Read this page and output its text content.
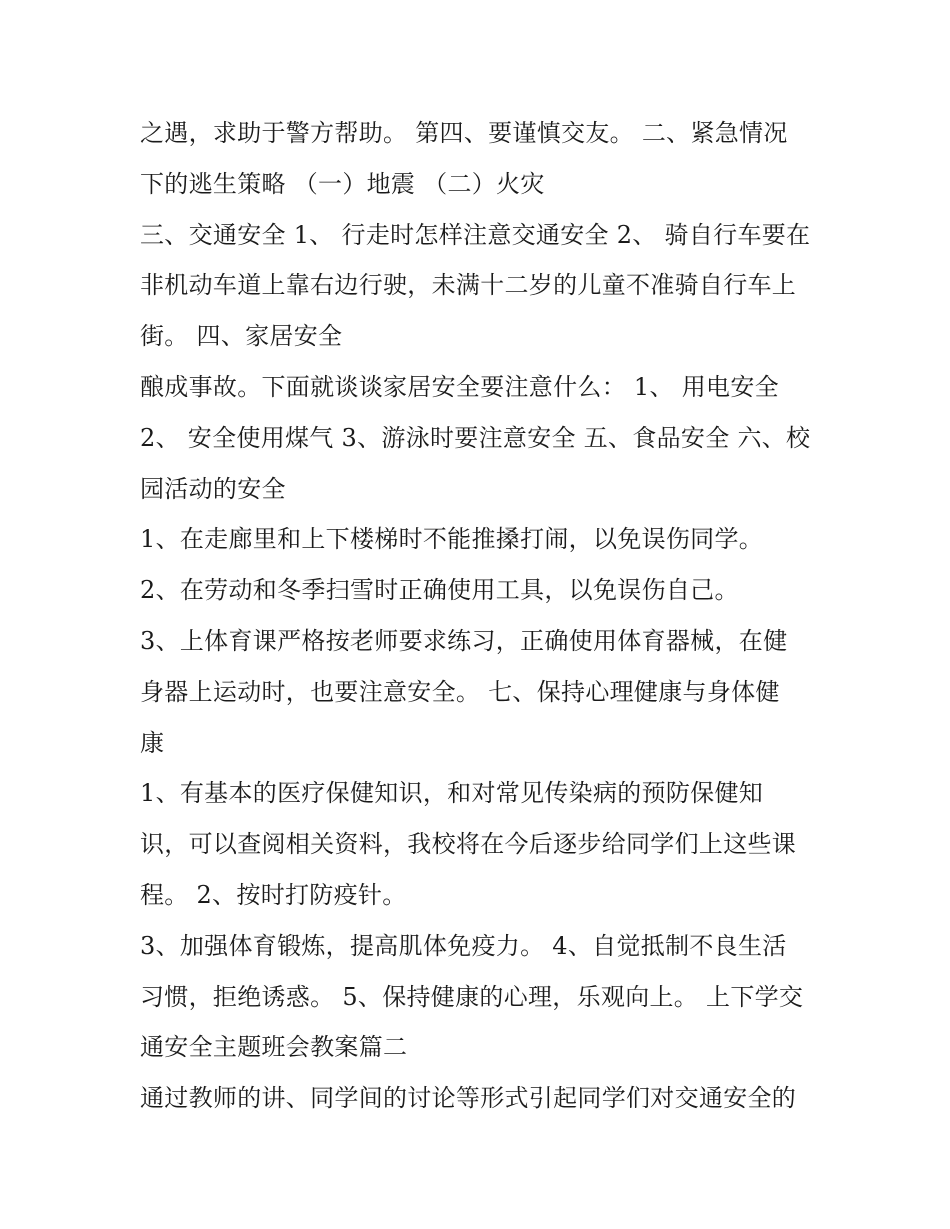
之遇，求助于警方帮助。 第四、要谨慎交友。 二、紧急情况
下的逃生策略 （一）地震 （二）火灾
三、交通安全 1、 行走时怎样注意交通安全 2、 骑自行车要在
非机动车道上靠右边行驶，未满十二岁的儿童不准骑自行车上
街。 四、家居安全
酿成事故。下面就谈谈家居安全要注意什么： 1、 用电安全
2、 安全使用煤气 3、游泳时要注意安全 五、食品安全 六、校
园活动的安全
1、在走廊里和上下楼梯时不能推搡打闹，以免误伤同学。
2、在劳动和冬季扫雪时正确使用工具，以免误伤自己。
3、上体育课严格按老师要求练习，正确使用体育器械，在健
身器上运动时，也要注意安全。 七、保持心理健康与身体健
康
1、有基本的医疗保健知识，和对常见传染病的预防保健知
识，可以查阅相关资料，我校将在今后逐步给同学们上这些课
程。 2、按时打防疫针。
3、加强体育锻炼，提高肌体免疫力。 4、自觉抵制不良生活
习惯，拒绝诱惑。 5、保持健康的心理，乐观向上。 上下学交
通安全主题班会教案篇二
通过教师的讲、同学间的讨论等形式引起同学们对交通安全的
